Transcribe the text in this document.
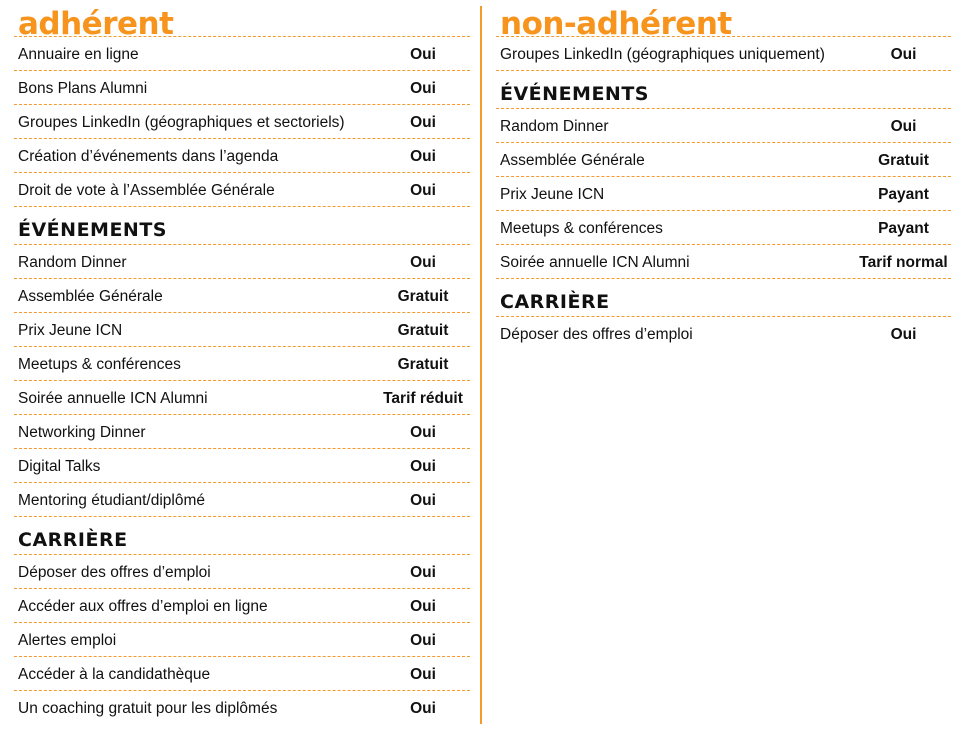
adhérent
Annuaire en ligne	Oui
Bons Plans Alumni	Oui
Groupes LinkedIn (géographiques et sectoriels)	Oui
Création d’événements dans l’agenda	Oui
Droit de vote à l’Assemblée Générale	Oui
ÉVÉNEMENTS
Random Dinner	Oui
Assemblée Générale	Gratuit
Prix Jeune ICN	Gratuit
Meetups & conférences	Gratuit
Soirée annuelle ICN Alumni	Tarif réduit
Networking Dinner	Oui
Digital Talks	Oui
Mentoring étudiant/diplômé	Oui
CARRIÈRE
Déposer des offres d’emploi	Oui
Accéder aux offres d’emploi en ligne	Oui
Alertes emploi	Oui
Accéder à la candidathèque	Oui
Un coaching gratuit pour les diplômés	Oui
non-adhérent
Groupes LinkedIn (géographiques uniquement)	Oui
ÉVÉNEMENTS
Random Dinner	Oui
Assemblée Générale	Gratuit
Prix Jeune ICN	Payant
Meetups & conférences	Payant
Soirée annuelle ICN Alumni	Tarif normal
CARRIÈRE
Déposer des offres d’emploi	Oui
